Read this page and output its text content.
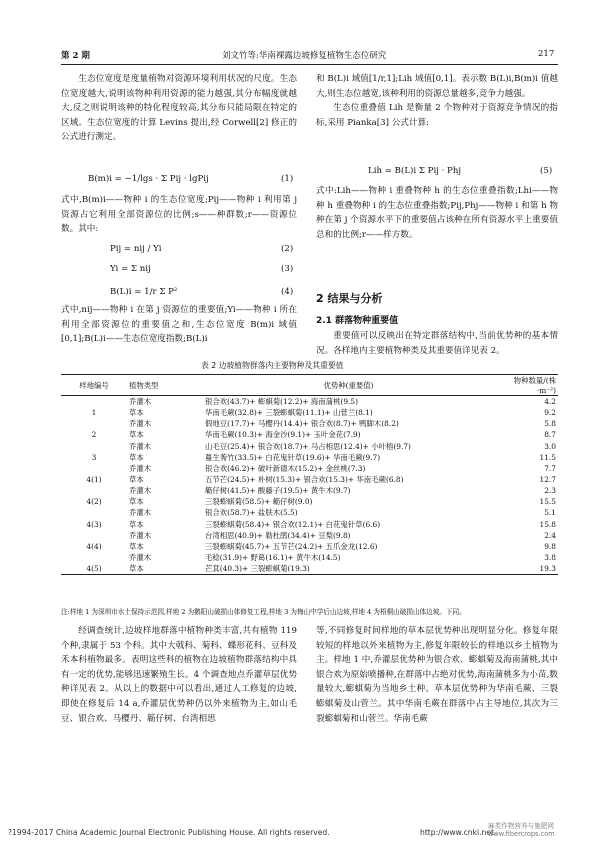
第 2 期	刘文竹等:华南裸露边坡修复植物生态位研究	217

生态位宽度是度量植物对资源环境利用状况的尺度。生态位宽度越大,说明该物种利用资源的能力越强,其分布幅度就越大,反之则说明该种的特化程度较高,其分布只能局限在特定的区域。生态位宽度的计算 Levins 提出,经 Corwell[2] 修正的公式进行测定。

B(m)i = −1/lgs · Σ Pij · lgPij	(1)

式中,B(m)i——物种 i 的生态位宽度;Pij——物种 i 利用第 j 资源占它利用全部资源位的比例;s——种群数;r——资源位数。其中:

Pij = nij / Yi	(2)
Yi = Σ nij	(3)
B(L)i = 1/r Σ P²	(4)

式中,nij——物种 i 在第 j 资源位的重要值;Yi——物种 i 所在利用全部资源位的重要值之和,生态位宽度 B(m)i 域值[0,1];B(L)i——生态位宽度指数;B(L)i

和 B(L)i 域值[1/r,1];Lih 域值[0,1]。表示数 B(L)i,B(m)i 值越大,则生态位越宽,该种利用的资源总量越多,竞争力越强。

生态位重叠值 Lih 是衡量 2 个物种对于资源竞争情况的指标,采用 Pianka[3] 公式计算:

Lih = B(L)i Σ Pij · Phj	(5)

式中:Lih——物种 i 重叠物种 h 的生态位重叠指数;Lhi——物种 h 重叠物种 i 的生态位重叠指数;Pij,Phj——物种 i 和第 h 物种在第 j 个资源水平下的重要值占该种在所有资源水平上重要值总和的比例;r——样方数。

2 结果与分析
2.1 群落物种重要值

重要值可以反映出在特定群落结构中,当前优势种的基本情况。各样地内主要植物种类及其重要值详见表 2。

表 2 边坡植物群落内主要物种及其重要值
样地编号	植物类型	优势种(重要值)	物种数量/(株·m⁻²)
	乔灌木	银合欢(43.7)+ 蟛蜞菊(12.2)+ 海南蒲桃(9.5)	4.2
1	草本	华南毛蕨(32.8)+ 三裂蟛蜞菊(11.1)+ 山菅兰(8.1)	9.2
	乔灌木	假地豆(17.7)+ 马樱丹(14.4)+ 银合欢(8.7)+ 鸭脚木(8.2)	5.8
2	草本	华南毛蕨(10.3)+ 海金沙(9.1)+ 玉叶金花(7.9)	8.7
	乔灌木	山毛豆(25.4)+ 银合欢(18.7)+ 马占相思(12.4)+ 小叶榕(9.7)	3.0
3	草本	蔓生莠竹(33.5)+ 白花鬼针草(19.6)+ 华南毛蕨(9.7)	11.5
	乔灌木	银合欢(46.2)+ 破叶新德木(15.2)+ 金丝桃(7.3)	7.7
4(1)	草本	五节芒(24.5)+ 朴树(15.3)+ 银合欢(15.3)+ 华南毛蕨(6.8)	12.7
	乔灌木	簕仔树(41.5)+ 酸藤子(19.5)+ 黄牛木(9.7)	2.3
4(2)	草本	三裂蟛蜞菊(58.5)+ 簕仔树(9.0)	15.5
	乔灌木	银合欢(58.7)+ 盐肤木(5.5)	5.1
4(3)	草本	三裂蟛蜞菊(58.4)+ 银合欢(12.1)+ 白花鬼针草(6.6)	15.8
	乔灌木	台湾相思(40.9)+ 勒杜鹃(34.4)+ 豆梨(9.8)	2.4
4(4)	草本	三裂蟛蜞菊(45.7)+ 五节芒(24.2)+ 五爪金龙(12.6)	9.8
	乔灌木	毛稔(31.9)+ 野葛(16.1)+ 黄牛木(14.5)	3.8
4(5)	草本	芒萁(40.3)+ 三裂蟛蜞菊(19.3)	19.3
注:样地 1 为深圳市水土保持示范园,样地 2 为鹅阳山破损山体修复工程,样地 3 为梅山中学后山边坡,样地 4 为梧桐山破损山体边坡。下同。

经调查统计,边坡样地群落中植物种类丰富,共有植物 119 个种,隶属于 53 个科。其中大戟科、菊科、蝶形花科、豆科及禾本科植物最多。表明这些科的植物在边坡植物群落结构中具有一定的优势,能够迅速繁殖生长。4 个调查地点乔灌草层优势种详见表 2。从以上的数据中可以看出,通过人工修复的边坡,即使在修复后 14 a,乔灌层优势种仍以外来植物为主,如山毛豆、银合欢、马樱丹、簕仔树、台湾相思

等,不同修复时间样地的草本层优势种出现明显分化。修复年限较短的样地以外来植物为主,修复年限较长的样地以乡土植物为主。样地 1 中,乔灌层优势种为银合欢、蟛蜞菊及海南蒲桃,其中银合欢为原始喷播种,在群落中占绝对优势,海南蒲桃多为小苗,数量较大,蟛蜞菊为当地乡土种。草本层优势种为华南毛蕨、三裂蟛蜞菊及山菅兰。其中华南毛蕨在群落中占主导地位,其次为三裂蟛蜞菊和山菅兰。华南毛蕨

?1994-2017 China Academic Journal Electronic Publishing House. All rights reserved.	http://www.cnki.net
麻类作物营养与施肥网 www.fibercrops.com
